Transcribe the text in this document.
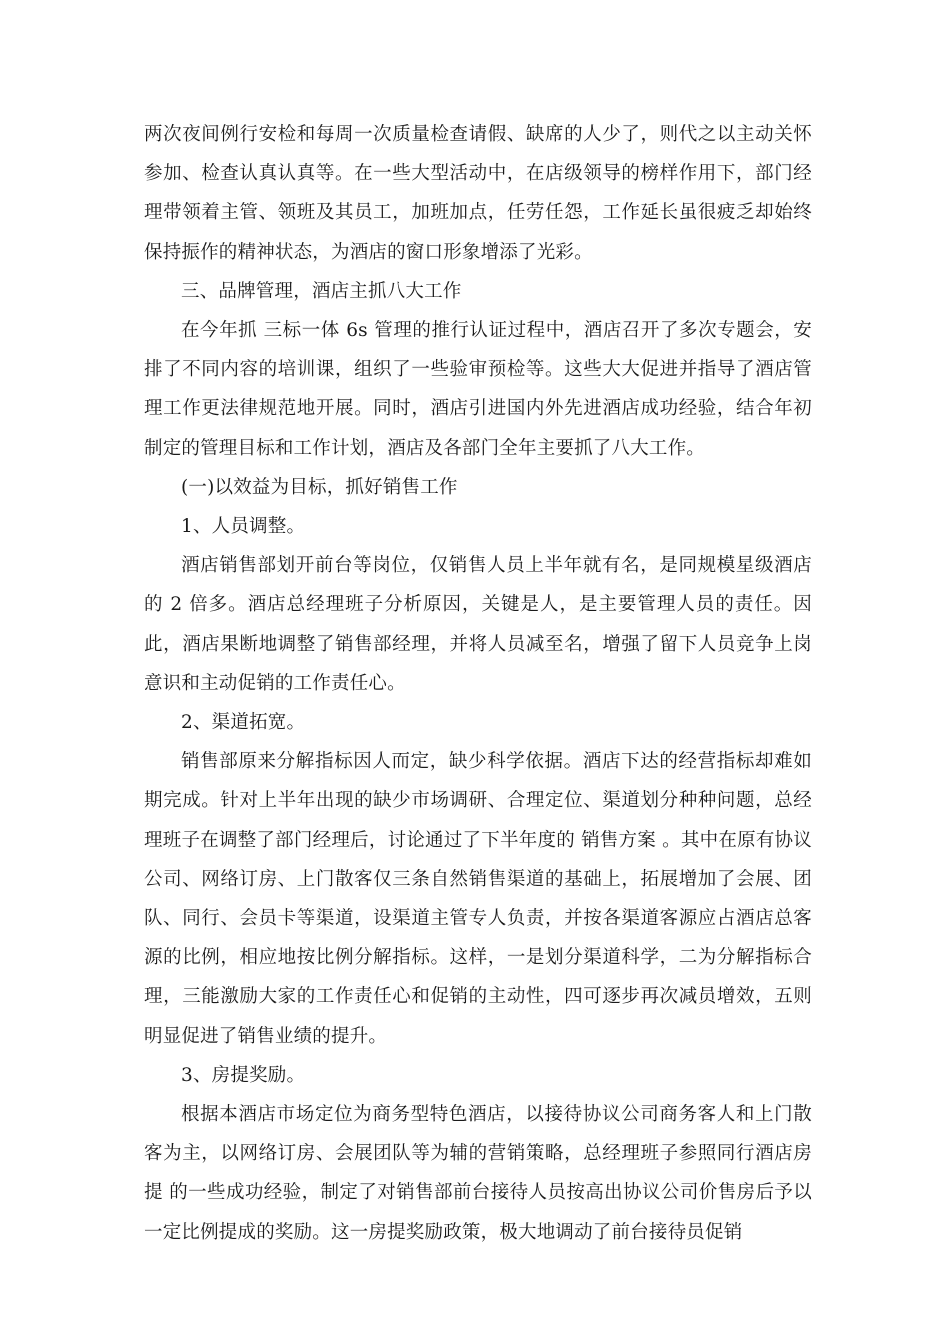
两次夜间例行安检和每周一次质量检查请假、缺席的人少了，则代之以主动关怀参加、检查认真认真等。在一些大型活动中，在店级领导的榜样作用下，部门经理带领着主管、领班及其员工，加班加点，任劳任怨，工作延长虽很疲乏却始终保持振作的精神状态，为酒店的窗口形象增添了光彩。

三、品牌管理，酒店主抓八大工作

在今年抓 三标一体 6s 管理的推行认证过程中，酒店召开了多次专题会，安排了不同内容的培训课，组织了一些验审预检等。这些大大促进并指导了酒店管理工作更法律规范地开展。同时，酒店引进国内外先进酒店成功经验，结合年初制定的管理目标和工作计划，酒店及各部门全年主要抓了八大工作。

(一)以效益为目标，抓好销售工作

1、人员调整。

酒店销售部划开前台等岗位，仅销售人员上半年就有名，是同规模星级酒店的 2 倍多。酒店总经理班子分析原因，关键是人，是主要管理人员的责任。因此，酒店果断地调整了销售部经理，并将人员减至名，增强了留下人员竞争上岗意识和主动促销的工作责任心。

2、渠道拓宽。

销售部原来分解指标因人而定，缺少科学依据。酒店下达的经营指标却难如期完成。针对上半年出现的缺少市场调研、合理定位、渠道划分种种问题，总经理班子在调整了部门经理后，讨论通过了下半年度的 销售方案 。其中在原有协议公司、网络订房、上门散客仅三条自然销售渠道的基础上，拓展增加了会展、团队、同行、会员卡等渠道，设渠道主管专人负责，并按各渠道客源应占酒店总客源的比例，相应地按比例分解指标。这样，一是划分渠道科学，二为分解指标合理，三能激励大家的工作责任心和促销的主动性，四可逐步再次减员增效，五则明显促进了销售业绩的提升。

3、房提奖励。

根据本酒店市场定位为商务型特色酒店，以接待协议公司商务客人和上门散客为主，以网络订房、会展团队等为辅的营销策略，总经理班子参照同行酒店房提 的一些成功经验，制定了对销售部前台接待人员按高出协议公司价售房后予以一定比例提成的奖励。这一房提奖励政策，极大地调动了前台接待员促销
